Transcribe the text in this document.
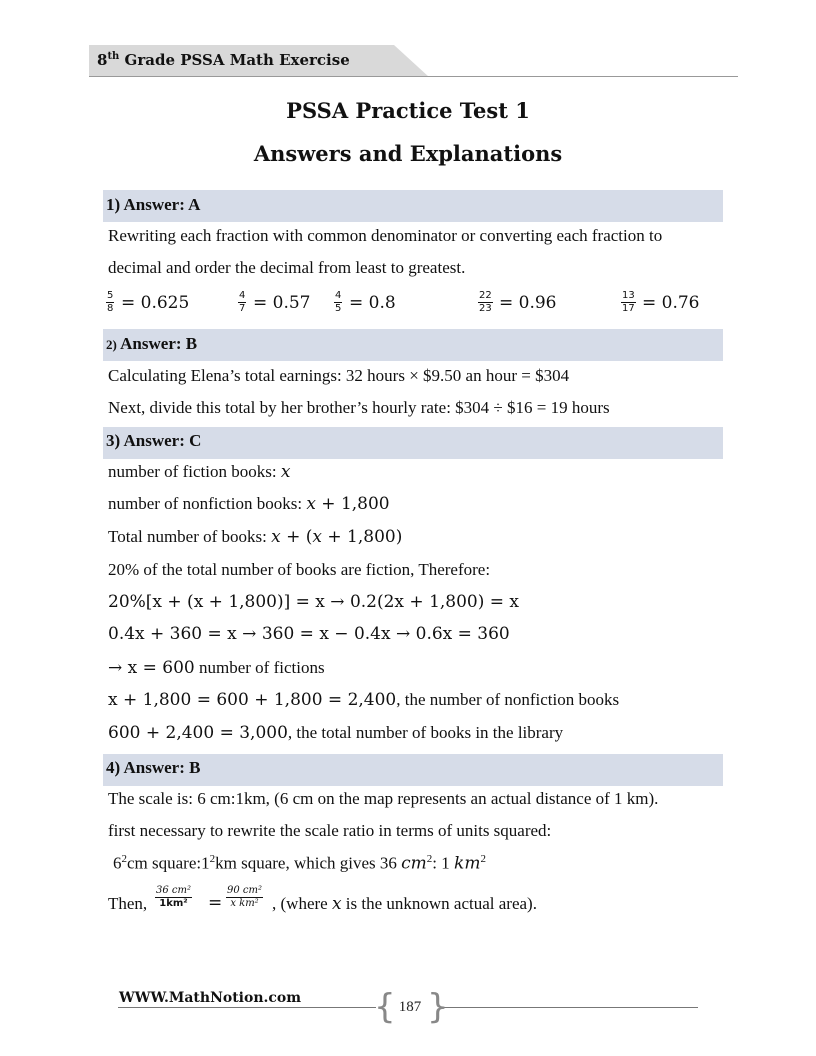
8th Grade PSSA Math Exercise
PSSA Practice Test 1
Answers and Explanations
1) Answer: A
Rewriting each fraction with common denominator or converting each fraction to
decimal and order the decimal from least to greatest.
$\frac{5}{8} = 0.625$	$\frac{4}{7} = 0.57 \frac{4}{5} = 0.8$	$\frac{22}{23} = 0.96$	$\frac{13}{17} = 0.76$
2) Answer: B
Calculating Elena’s total earnings: 32 hours × $9.50 an hour = $304
Next, divide this total by her brother’s hourly rate: $304 ÷ $16 = 19 hours
3) Answer: C
number of fiction books: x
number of nonfiction books: x + 1,800
Total number of books: x + (x + 1,800)
20% of the total number of books are fiction, Therefore:
20%[x + (x + 1,800)] = x → 0.2(2x + 1,800) = x
0.4x + 360 = x → 360 = x − 0.4x → 0.6x = 360
→ x = 600 number of fictions
x + 1,800 = 600 + 1,800 = 2,400, the number of nonfiction books
600 + 2,400 = 3,000, the total number of books in the library
4) Answer: B
The scale is: 6 cm:1km, (6 cm on the map represents an actual distance of 1 km).
first necessary to rewrite the scale ratio in terms of units squared:
$6^2cm$ $square:1^2km$ square, which gives 36 $cm^2$: 1 $km^2$
Then, $\frac{\text{36 cm²}}{\text{1km²}} = \frac{\text{90 cm²}}{\text{x km²}}$ , (where x is the unknown actual area).
WWW.MathNotion.com { }
187
